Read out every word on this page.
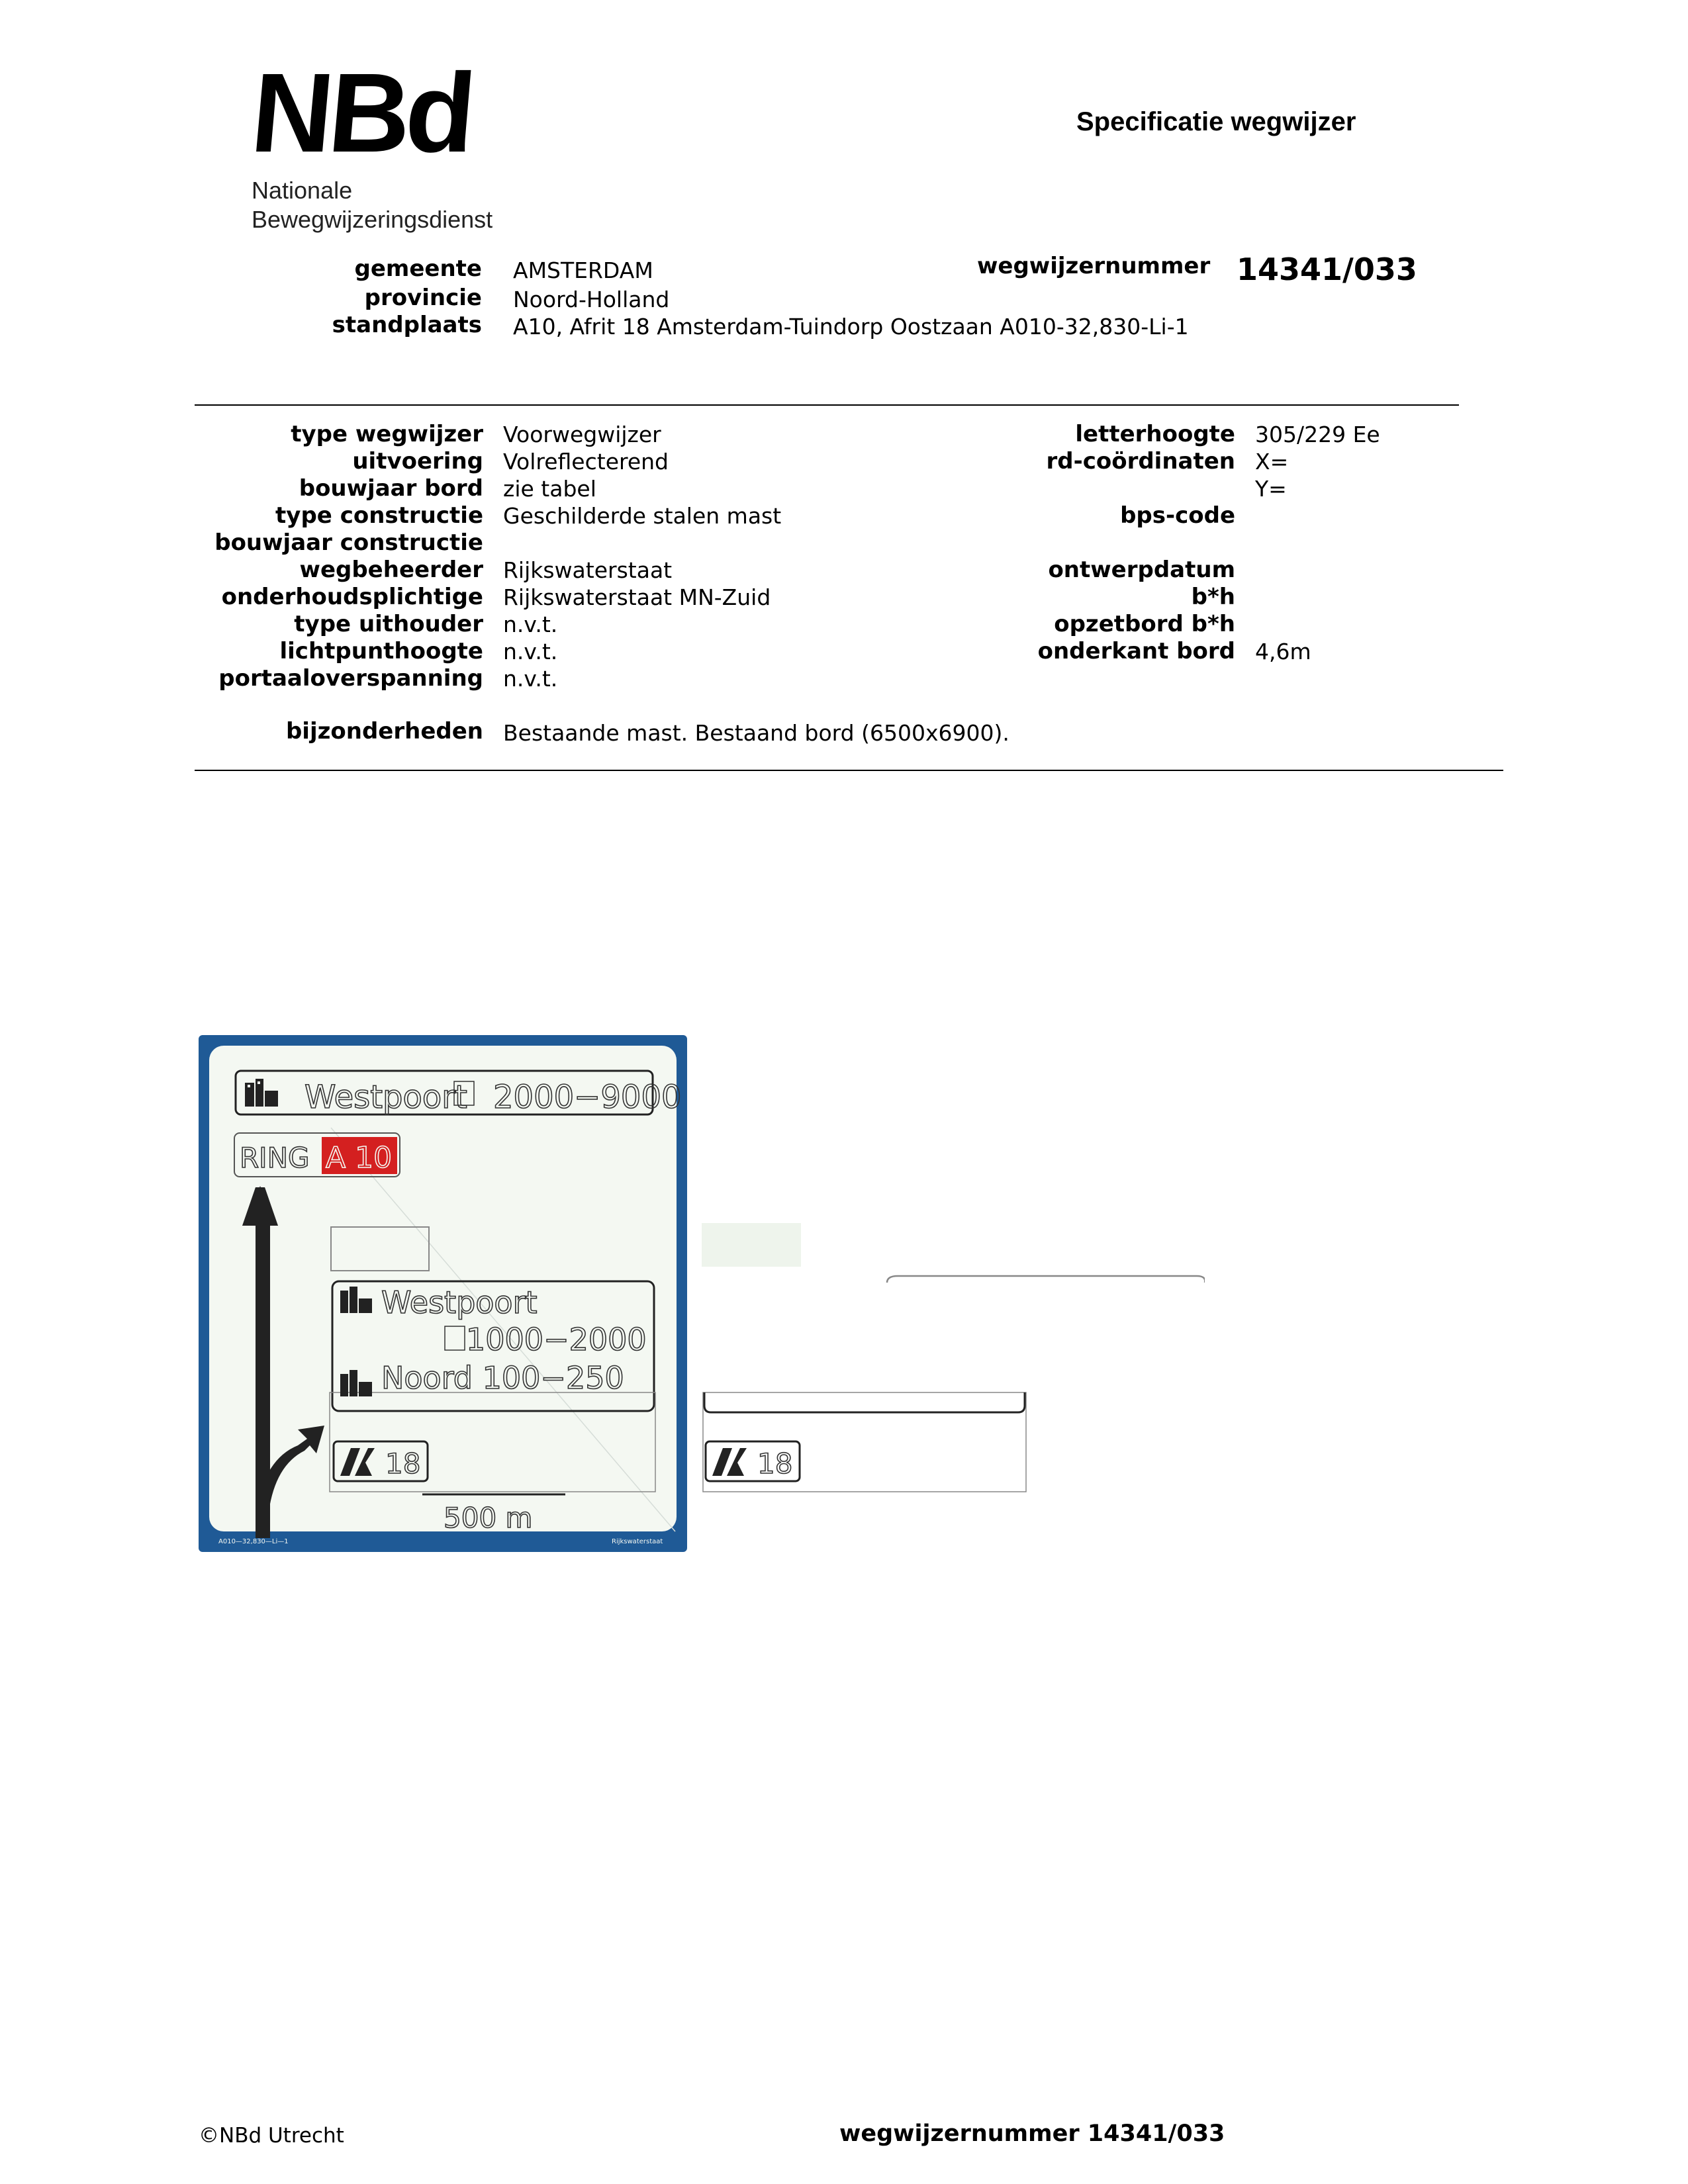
NBd
Nationale
Bewegwijzeringsdienst
Specificatie wegwijzer
gemeente AMSTERDAM
provincie Noord-Holland
standplaats A10, Afrit 18 Amsterdam-Tuindorp Oostzaan A010-32,830-Li-1
wegwijzernummer 14341/033
type wegwijzer
uitvoering
bouwjaar bord
type constructie
bouwjaar constructie
wegbeheerder
onderhoudsplichtige
type uithouder
lichtpunthoogte
portaaloverspanning
Voorwegwijzer
Volreflecterend
zie tabel
Geschilderde stalen mast
Rijkswaterstaat
Rijkswaterstaat MN-Zuid
n.v.t.
n.v.t.
n.v.t.
letterhoogte
rd-coördinaten
bps-code
ontwerpdatum
b*h
opzetbord b*h
onderkant bord
305/229 Ee
X=
Y=
4,6m
bijzonderheden Bestaande mast. Bestaand bord (6500x6900).
Westpoort 2000−9000
RING A 10
Westpoort
1000−2000
Noord 100−250
18
500 m
A010—32,830—Li—1	Rijkswaterstaat
18
©NBd Utrecht	wegwijzernummer 14341/033
